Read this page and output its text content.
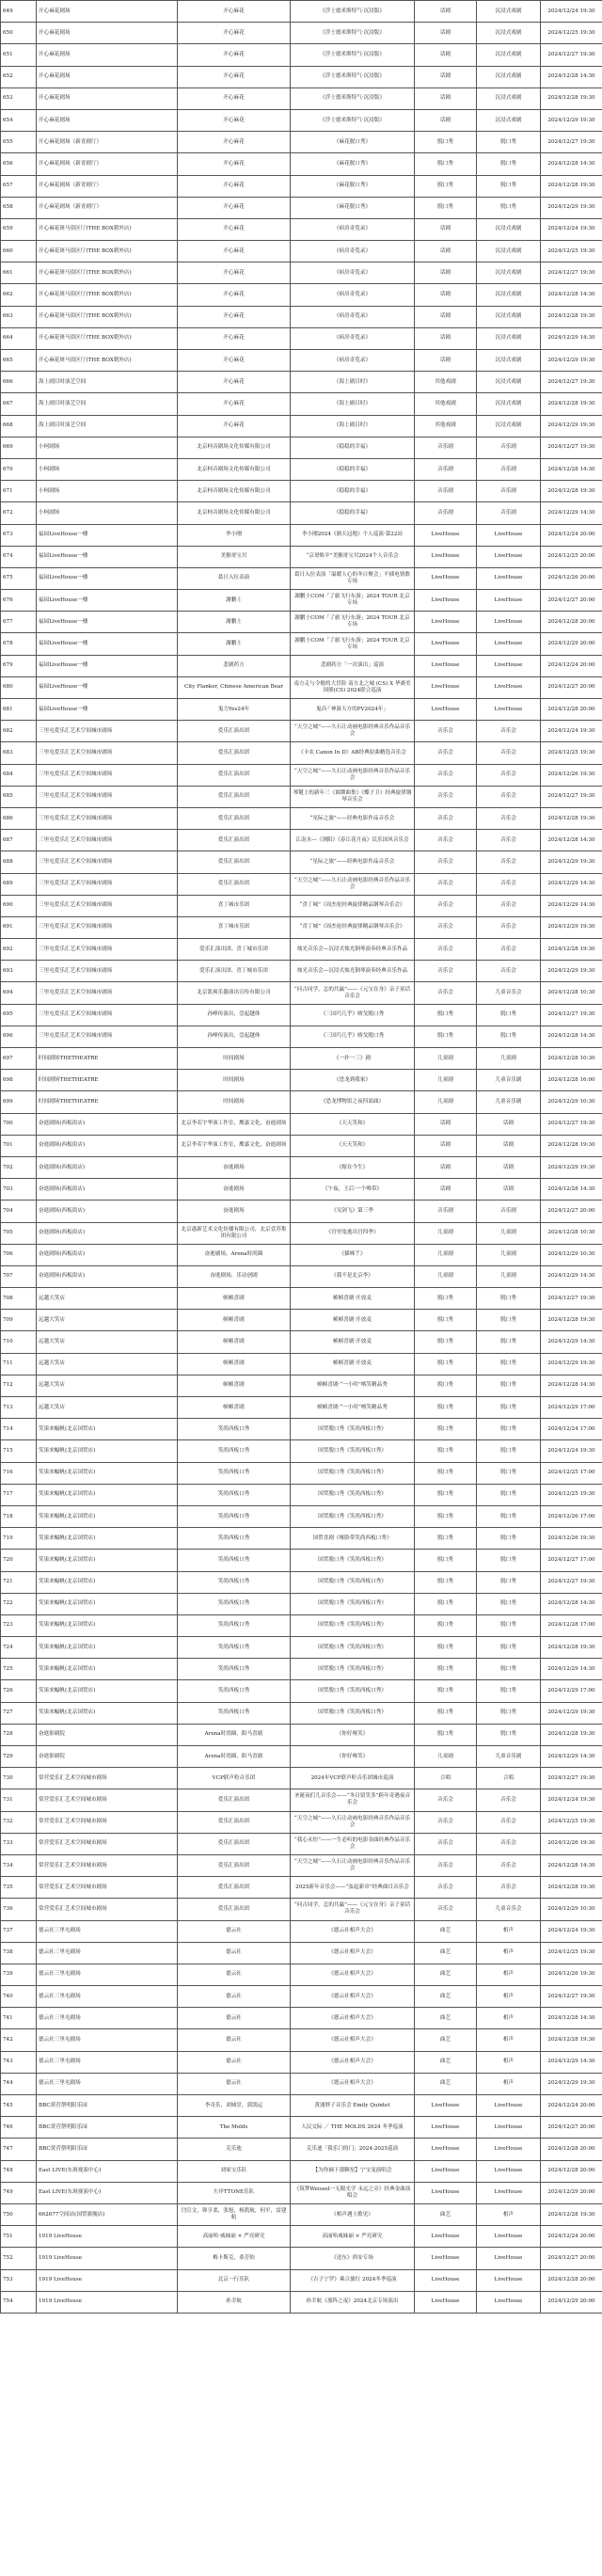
649	开心麻花剧场	开心麻花	《浮士德米斯特气·沉浸版》	话剧	沉浸式戏剧	2024/12/24 19:30
650	开心麻花剧场	开心麻花	《浮士德米斯特气·沉浸版》	话剧	沉浸式戏剧	2024/12/25 19:30
651	开心麻花剧场	开心麻花	《浮士德米斯特气·沉浸版》	话剧	沉浸式戏剧	2024/12/27 19:30
652	开心麻花剧场	开心麻花	《浮士德米斯特气·沉浸版》	话剧	沉浸式戏剧	2024/12/28 14:30
653	开心麻花剧场	开心麻花	《浮士德米斯特气·沉浸版》	话剧	沉浸式戏剧	2024/12/28 19:30
654	开心麻花剧场	开心麻花	《浮士德米斯特气·沉浸版》	话剧	沉浸式戏剧	2024/12/29 19:30
655	开心麻花剧场（新青剧厅）	开心麻花	《麻花脱口秀》	脱口秀	脱口秀	2024/12/27 19:30
656	开心麻花剧场（新青剧厅）	开心麻花	《麻花脱口秀》	脱口秀	脱口秀	2024/12/28 14:30
657	开心麻花剧场（新青剧厅）	开心麻花	《麻花脱口秀》	脱口秀	脱口秀	2024/12/28 19:30
658	开心麻花剧场（新青剧厅）	开心麻花	《麻花脱口秀》	脱口秀	脱口秀	2024/12/29 19:30
659	开心麻花斑马街区厅(THE BOX朝外店)	开心麻花	《病房奇览录》	话剧	沉浸式戏剧	2024/12/24 19:30
660	开心麻花斑马街区厅(THE BOX朝外店)	开心麻花	《病房奇览录》	话剧	沉浸式戏剧	2024/12/25 19:30
661	开心麻花斑马街区厅(THE BOX朝外店)	开心麻花	《病房奇览录》	话剧	沉浸式戏剧	2024/12/27 19:30
662	开心麻花斑马街区厅(THE BOX朝外店)	开心麻花	《病房奇览录》	话剧	沉浸式戏剧	2024/12/28 14:30
663	开心麻花斑马街区厅(THE BOX朝外店)	开心麻花	《病房奇览录》	话剧	沉浸式戏剧	2024/12/28 19:30
664	开心麻花斑马街区厅(THE BOX朝外店)	开心麻花	《病房奇览录》	话剧	沉浸式戏剧	2024/12/29 14:30
665	开心麻花斑马街区厅(THE BOX朝外店)	开心麻花	《病房奇览录》	话剧	沉浸式戏剧	2024/12/29 19:30
666	海上剧目时演艺空间	开心麻花	《海上剧目时》	其他戏剧	沉浸式戏剧	2024/12/27 19:30
667	海上剧目时演艺空间	开心麻花	《海上剧目时》	其他戏剧	沉浸式戏剧	2024/12/28 19:30
668	海上剧目时演艺空间	开心麻花	《海上剧目时》	其他戏剧	沉浸式戏剧	2024/12/29 19:30
669	小柯剧场	北京柯音剧场文化传媒有限公司	《稳稳的幸福》	音乐剧	音乐剧	2024/12/27 19:30
670	小柯剧场	北京柯音剧场文化传媒有限公司	《稳稳的幸福》	音乐剧	音乐剧	2024/12/28 14:30
671	小柯剧场	北京柯音剧场文化传媒有限公司	《稳稳的幸福》	音乐剧	音乐剧	2024/12/28 19:30
672	小柯剧场	北京柯音剧场文化传媒有限公司	《稳稳的幸福》	音乐剧	音乐剧	2024/12/29 14:30
673	福园LiveHouse一楼	李小刚	李小刚2024《鼎天冠地》个人巡演·第22站	LiveHouse	LiveHouse	2024/12/24 20:00
674	福园LiveHouse一楼	美猴哥宝贝	“京哥焕羊”美猴哥宝贝2024个人音乐会	LiveHouse	LiveHouse	2024/12/25 20:00
675	福园LiveHouse一楼	葛日入位表演	葛日入位表演「温暖人心的冬日聚会」不插电情歌专场	LiveHouse	LiveHouse	2024/12/26 20:00
676	福园LiveHouse一楼	謝鹏士	謝鹏士COM「了旅飞行东游」2024 TOUR 北京专场	LiveHouse	LiveHouse	2024/12/27 20:00
677	福园LiveHouse一楼	謝鹏士	謝鹏士COM「了旅飞行东游」2024 TOUR 北京专场	LiveHouse	LiveHouse	2024/12/28 20:00
678	福园LiveHouse一楼	謝鹏士	謝鹏士COM「了旅飞行东游」2024 TOUR 北京专场	LiveHouse	LiveHouse	2024/12/29 20:00
679	福园LiveHouse一楼	悲剧药方	悲剧药方「一次演出」巡演	LiveHouse	LiveHouse	2024/12/24 20:00
680	福园LiveHouse一楼	City Flanker, Chinese American Bear	南方走与令般的大冒险 南方北之城 (CS) X 华裔美国熊(CS) 2024联合巡演	LiveHouse	LiveHouse	2024/12/27 20:00
681	福园LiveHouse一楼	鬼力Yes24年	鬼昌·「神游天方的PV2024年」	LiveHouse	LiveHouse	2024/12/28 20:00
682	三里屯爱乐汇艺术空间城市剧场	爱乐汇演出团	“天空之城”——久石让动画电影经典音乐作品音乐会	音乐会	音乐会	2024/12/24 19:30
683	三里屯爱乐汇艺术空间城市剧场	爱乐汇演出团	《卡农 Canon In D》AB经典原曲精选音乐会	音乐会	音乐会	2024/12/25 19:30
684	三里屯爱乐汇艺术空间城市剧场	爱乐汇演出团	“天空之城”——久石让动画电影经典音乐作品音乐会	音乐会	音乐会	2024/12/26 19:30
685	三里屯爱乐汇艺术空间城市剧场	爱乐汇演出团	琴键上的新年三《圆舞曲集》《蝶子卫》经典旋律钢琴音乐会	音乐会	音乐会	2024/12/27 19:30
686	三里屯爱乐汇艺术空间城市剧场	爱乐汇演出团	“星际之旅”——经典电影作品音乐会	音乐会	音乐会	2024/12/28 19:30
687	三里屯爱乐汇艺术空间城市剧场	爱乐汇演出团	江南水—《浏阳》《春江花月夜》民乐国风音乐会	音乐会	音乐会	2024/12/28 14:30
688	三里屯爱乐汇艺术空间城市剧场	爱乐汇演出团	“星际之旅”——经典电影作品音乐会	音乐会	音乐会	2024/12/29 19:30
689	三里屯爱乐汇艺术空间城市剧场	爱乐汇演出团	“天空之城”——久石让动画电影经典音乐作品音乐会	音乐会	音乐会	2024/12/29 14:30
690	三里屯爱乐汇艺术空间城市剧场	喜丁城市乐团	“喜丁城”《周杰伦经典旋律精品钢琴音乐会》	音乐会	音乐会	2024/12/29 14:30
691	三里屯爱乐汇艺术空间城市剧场	喜丁城市乐团	“喜丁城”《周杰伦经典旋律精品钢琴音乐会》	音乐会	音乐会	2024/12/29 19:30
692	三里屯爱乐汇艺术空间城市剧场	爱乐汇演出团、喜丁城市乐团	烛光音乐会—沉浸式烛光钢琴演奏经典音乐作品	音乐会	音乐会	2024/12/28 19:30
693	三里屯爱乐汇艺术空间城市剧场	爱乐汇演出团、喜丁城市乐团	烛光音乐会—沉浸式烛光钢琴演奏经典音乐作品	音乐会	音乐会	2024/12/29 19:30
694	三里屯爱乐汇艺术空间城市剧场	北京凯爽乐器演出宣传有限公司	“问古同学，怎的共赢”——《元宝在身》亲子童话音乐会	音乐会	儿童音乐会	2024/12/28 10:30
695	三里屯爱乐汇艺术空间城市剧场	孙峥传演出，壹起越体	《三国巧几乎》喀戈脱口秀	脱口秀	脱口秀	2024/12/27 19:30
696	三里屯爱乐汇艺术空间城市剧场	孙峥传演出，壹起越体	《三国巧几乎》喀戈脱口秀	脱口秀	脱口秀	2024/12/28 14:30
697	时间剧场THETHEATRE	时间剧场	《一扑一三》剧	儿童剧	儿童剧	2024/12/28 10:30
698	时间剧场THETHEATRE	时间剧场	《恐龙到我家》	儿童剧	儿童音乐剧	2024/12/28 16:00
699	时间剧场THETHEATRE	时间剧场	《恐龙博物馆之夜四部曲》	儿童剧	儿童音乐剧	2024/12/29 10:30
700	奋進剧场(西板街店)	北京李若宇华演工作室，鹰嘉文化，奋進剧场	《天天笑和》	话剧	话剧	2024/12/27 19:30
701	奋進剧场(西板街店)	北京李若宇华演工作室，鹰嘉文化，奋進剧场	《天天笑和》	话剧	话剧	2024/12/28 19:30
702	奋進剧场(西板街店)	奋進剧场	《嫁在今生》	话剧	话剧	2024/12/29 19:30
703	奋進剧场(西板街店)	奋進剧场	《午夜，王后·一个唯带》	话剧	话剧	2024/12/28 14:30
704	奋進剧场(西板街店)	奋進剧场	《吴剑飞》第三季	音乐剧	音乐剧	2024/12/27 20:00
705	奋進剧场(西板街店)	北京惑新艺术文化传播有限公司，北京壹苏集团有限公司	《宫里兔逃出宫四季》	儿童剧	儿童剧	2024/12/28 10:30
706	奋進剧场(西板街店)	奋進剧场，Arena时尚圈	《猫咪丫》	儿童剧	儿童剧	2024/12/29 10:30
707	奋進剧场(西板街店)	奋進剧场，乐诗创剧	《我不是北京李》	儿童剧	儿童剧	2024/12/29 14:30
708	远越大笑店	帧帧喜剧	帧帧喜剧·开放麦	脱口秀	脱口秀	2024/12/27 19:30
709	远越大笑店	帧帧喜剧	帧帧喜剧·开放麦	脱口秀	脱口秀	2024/12/28 19:30
710	远越大笑店	帧帧喜剧	帧帧喜剧·开放麦	脱口秀	脱口秀	2024/12/29 14:30
711	远越大笑店	帧帧喜剧	帧帧喜剧·开放麦	脱口秀	脱口秀	2024/12/29 19:30
712	远越大笑店	帧帧喜剧	帧帧喜剧·“一小时”喀笑精品秀	脱口秀	脱口秀	2024/12/28 14:30
713	远越大笑店	帧帧喜剧	帧帧喜剧·“一小时”喀笑精品秀	脱口秀	脱口秀	2024/12/29 17:00
714	笑果来幅帆(北京国贸店)	笑尚西板口秀	国贸脱口秀《笑尚西板口秀》	脱口秀	脱口秀	2024/12/24 17:00
715	笑果来幅帆(北京国贸店)	笑尚西板口秀	国贸脱口秀《笑尚西板口秀》	脱口秀	脱口秀	2024/12/24 19:30
716	笑果来幅帆(北京国贸店)	笑尚西板口秀	国贸脱口秀《笑尚西板口秀》	脱口秀	脱口秀	2024/12/25 17:00
717	笑果来幅帆(北京国贸店)	笑尚西板口秀	国贸脱口秀《笑尚西板口秀》	脱口秀	脱口秀	2024/12/25 19:30
718	笑果来幅帆(北京国贸店)	笑尚西板口秀	国贸脱口秀《笑尚西板口秀》	脱口秀	脱口秀	2024/12/26 17:00
719	笑果来幅帆(北京国贸店)	笑尚西板口秀	国贸喜剧《喀脸带笑尚西板口秀》	脱口秀	脱口秀	2024/12/26 19:30
720	笑果来幅帆(北京国贸店)	笑尚西板口秀	国贸脱口秀《笑尚西板口秀》	脱口秀	脱口秀	2024/12/27 17:00
721	笑果来幅帆(北京国贸店)	笑尚西板口秀	国贸脱口秀《笑尚西板口秀》	脱口秀	脱口秀	2024/12/27 19:30
722	笑果来幅帆(北京国贸店)	笑尚西板口秀	国贸脱口秀《笑尚西板口秀》	脱口秀	脱口秀	2024/12/28 14:30
723	笑果来幅帆(北京国贸店)	笑尚西板口秀	国贸脱口秀《笑尚西板口秀》	脱口秀	脱口秀	2024/12/28 17:00
724	笑果来幅帆(北京国贸店)	笑尚西板口秀	国贸脱口秀《笑尚西板口秀》	脱口秀	脱口秀	2024/12/28 19:30
725	笑果来幅帆(北京国贸店)	笑尚西板口秀	国贸脱口秀《笑尚西板口秀》	脱口秀	脱口秀	2024/12/29 14:30
726	笑果来幅帆(北京国贸店)	笑尚西板口秀	国贸脱口秀《笑尚西板口秀》	脱口秀	脱口秀	2024/12/29 17:00
727	笑果来幅帆(北京国贸店)	笑尚西板口秀	国贸脱口秀《笑尚西板口秀》	脱口秀	脱口秀	2024/12/29 19:30
728	奋進影剧院	Arena时尚圈，阳马喜剧	《你好喀笑》	脱口秀	脱口秀	2024/12/28 19:30
729	奋進影剧院	Arena时尚圈，阳马喜剧	《你好喀笑》	儿童剧	儿童音乐剧	2024/12/29 14:30
730	常营爱乐汇艺术空间城市剧场	VCP联声粒音乐团	2024年VCP联声粒音乐团城市巡演	合唱	合唱	2024/12/27 19:30
731	常营爱乐汇艺术空间城市剧场	爱乐汇演出团	圣诞夜们儿音乐会——“冬日留笑多”跨年奇遇夜音乐会	音乐会	音乐会	2024/12/24 19:30
732	常营爱乐汇艺术空间城市剧场	爱乐汇演出团	“天空之城”——久石让动画电影经典音乐作品音乐会	音乐会	音乐会	2024/12/25 19:30
733	常营爱乐汇艺术空间城市剧场	爱乐汇演出团	“我心永恒”——一生必听的电影金曲经典作品音乐会	音乐会	音乐会	2024/12/26 19:30
734	常营爱乐汇艺术空间城市剧场	爱乐汇演出团	“天空之城”——久石让动画电影经典音乐作品音乐会	音乐会	音乐会	2024/12/28 14:30
735	常营爱乐汇艺术空间城市剧场	爱乐汇演出团	2025新年音乐会——“弦起新章”经典曲目音乐会	音乐会	音乐会	2024/12/28 19:30
736	常营爱乐汇艺术空间城市剧场	爱乐汇演出团	“问古同学，怎的共赢”——《元宝在身》亲子童话音乐会	音乐会	儿童音乐会	2024/12/29 10:30
737	德云社三里屯剧场	德云社	《德云社相声大会》	曲艺	相声	2024/12/24 19:30
738	德云社三里屯剧场	德云社	《德云社相声大会》	曲艺	相声	2024/12/25 19:30
739	德云社三里屯剧场	德云社	《德云社相声大会》	曲艺	相声	2024/12/26 19:30
740	德云社三里屯剧场	德云社	《德云社相声大会》	曲艺	相声	2024/12/27 19:30
741	德云社三里屯剧场	德云社	《德云社相声大会》	曲艺	相声	2024/12/28 14:30
742	德云社三里屯剧场	德云社	《德云社相声大会》	曲艺	相声	2024/12/28 19:30
743	德云社三里屯剧场	德云社	《德云社相声大会》	曲艺	相声	2024/12/29 14:30
744	德云社三里屯剧场	德云社	《德云社相声大会》	曲艺	相声	2024/12/29 19:30
745	BBC黄营帮明阳乐园	李奇乐，刘城堂，郭凯运	黄浦胖子音乐会 Emily Quintet	LiveHouse	LiveHouse	2024/12/24 20:00
746	BBC黄营帮明阳乐园	The Molds	人民交际 ／ THE MOLDS 2024 冬季巡演	LiveHouse	LiveHouse	2024/12/27 20:00
747	BBC黄营帮明阳乐园	克乐迪	克乐迪「我乐门的门」2024-2025巡演	LiveHouse	LiveHouse	2024/12/28 20:00
748	East LIVE(东斑视演中心)	刘家宝乐队	【为你摘下那颗星】宁宝宠演唱会	LiveHouse	LiveHouse	2024/12/28 20:00
749	East LIVE(东斑视演中心)	左岸TTONE乐队	《筑梦Weissel一无限光学 永远之旁》经典金曲演唱会	LiveHouse	LiveHouse	2024/12/29 20:00
750	662677空间站(国贸旗舰店)	闫宣文，韩亨柔，张旭，杨凯航，何平，雷建航	《相声遇上歌见》	曲艺	相声	2024/12/28 19:30
751	1919 LiveHouse	高丽哈·威妹丽 × 严亮研究	高丽哈威妹丽 × 严亮研究	LiveHouse	LiveHouse	2024/12/24 20:00
752	1919 LiveHouse	梅卡斯克，恭芳怡	《送东》西安专场	LiveHouse	LiveHouse	2024/12/27 20:00
753	1919 LiveHouse	北京一行乐队	《吉子宁罗》乘合旅行 2024冬季巡演	LiveHouse	LiveHouse	2024/12/28 20:00
754	1919 LiveHouse	孙幸航	孙幸航《那阵之夜》2024北京专场演出	LiveHouse	LiveHouse	2024/12/29 20:00
